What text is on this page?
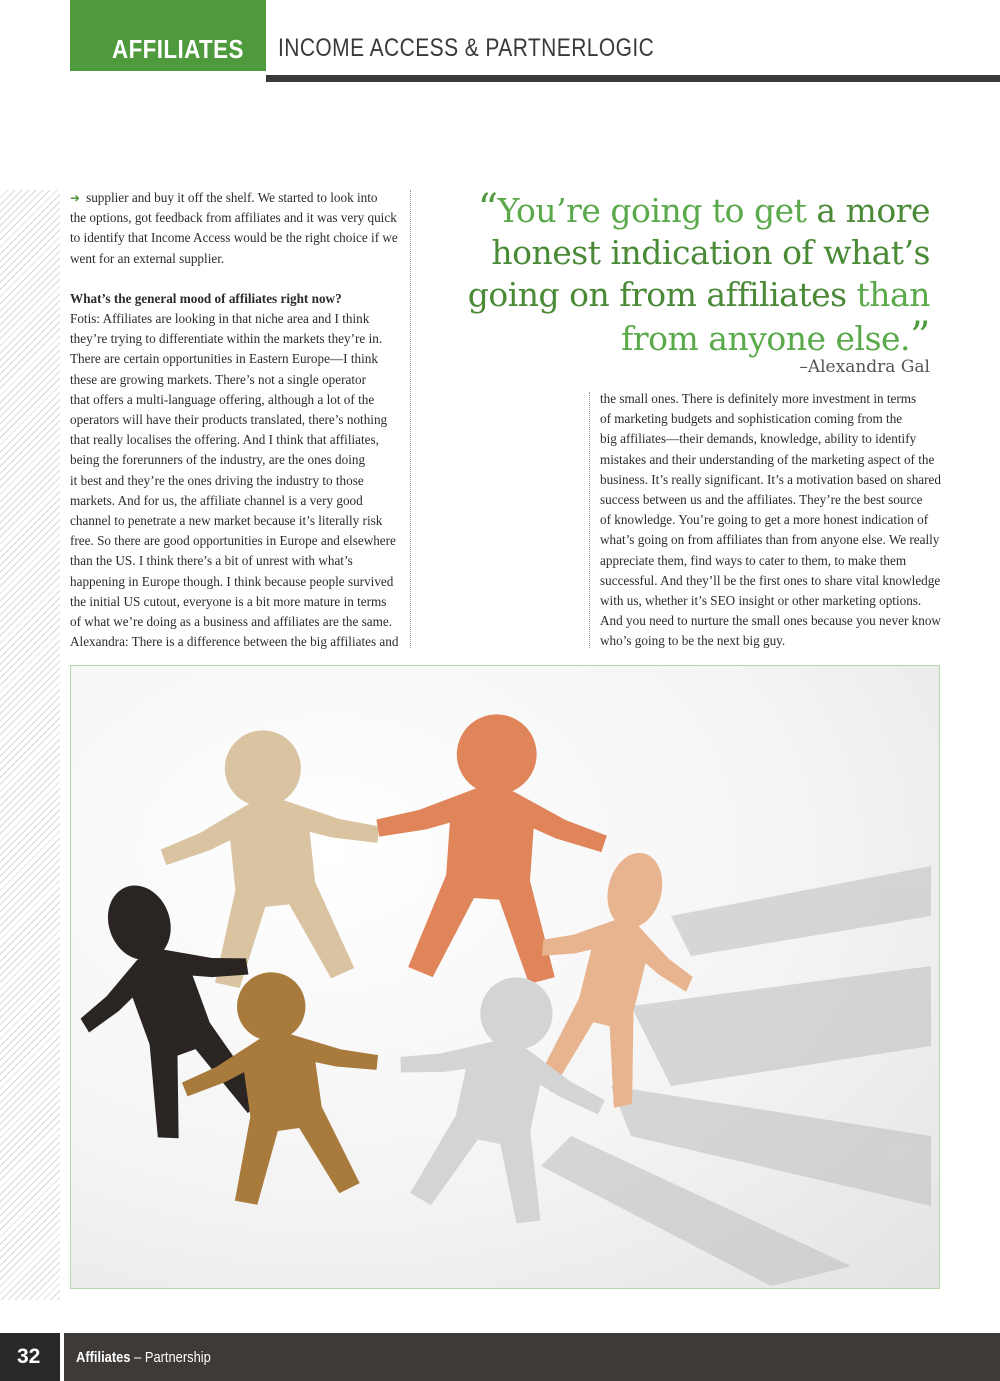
AFFILIATES INCOME ACCESS & PARTNERLOGIC

➜ supplier and buy it off the shelf. We started to look into

the options, got feedback from affiliates and it was very quick

to identify that Income Access would be the right choice if we

went for an external supplier.

What’s the general mood of affiliates right now?

Fotis: Affiliates are looking in that niche area and I think

they’re trying to differentiate within the markets they’re in.

There are certain opportunities in Eastern Europe—I think

these are growing markets. There’s not a single operator

that offers a multi-language offering, although a lot of the

operators will have their products translated, there’s nothing

that really localises the offering. And I think that affiliates,

being the forerunners of the industry, are the ones doing

it best and they’re the ones driving the industry to those

markets. And for us, the affiliate channel is a very good

channel to penetrate a new market because it’s literally risk

free. So there are good opportunities in Europe and elsewhere

than the US. I think there’s a bit of unrest with what’s

happening in Europe though. I think because people survived

the initial US cutout, everyone is a bit more mature in terms

of what we’re doing as a business and affiliates are the same.

Alexandra: There is a difference between the big affiliates and

“You’re going to get a more
honest indication of what’s
going on from affiliates than
from anyone else.”
–Alexandra Gal

the small ones. There is definitely more investment in terms

of marketing budgets and sophistication coming from the

big affiliates—their demands, knowledge, ability to identify

mistakes and their understanding of the marketing aspect of the

business. It’s really significant. It’s a motivation based on shared

success between us and the affiliates. They’re the best source

of knowledge. You’re going to get a more honest indication of

what’s going on from affiliates than from anyone else. We really

appreciate them, find ways to cater to them, to make them

successful. And they’ll be the first ones to share vital knowledge

with us, whether it’s SEO insight or other marketing options.

And you need to nurture the small ones because you never know

who’s going to be the next big guy.

32 Affiliates – Partnership
